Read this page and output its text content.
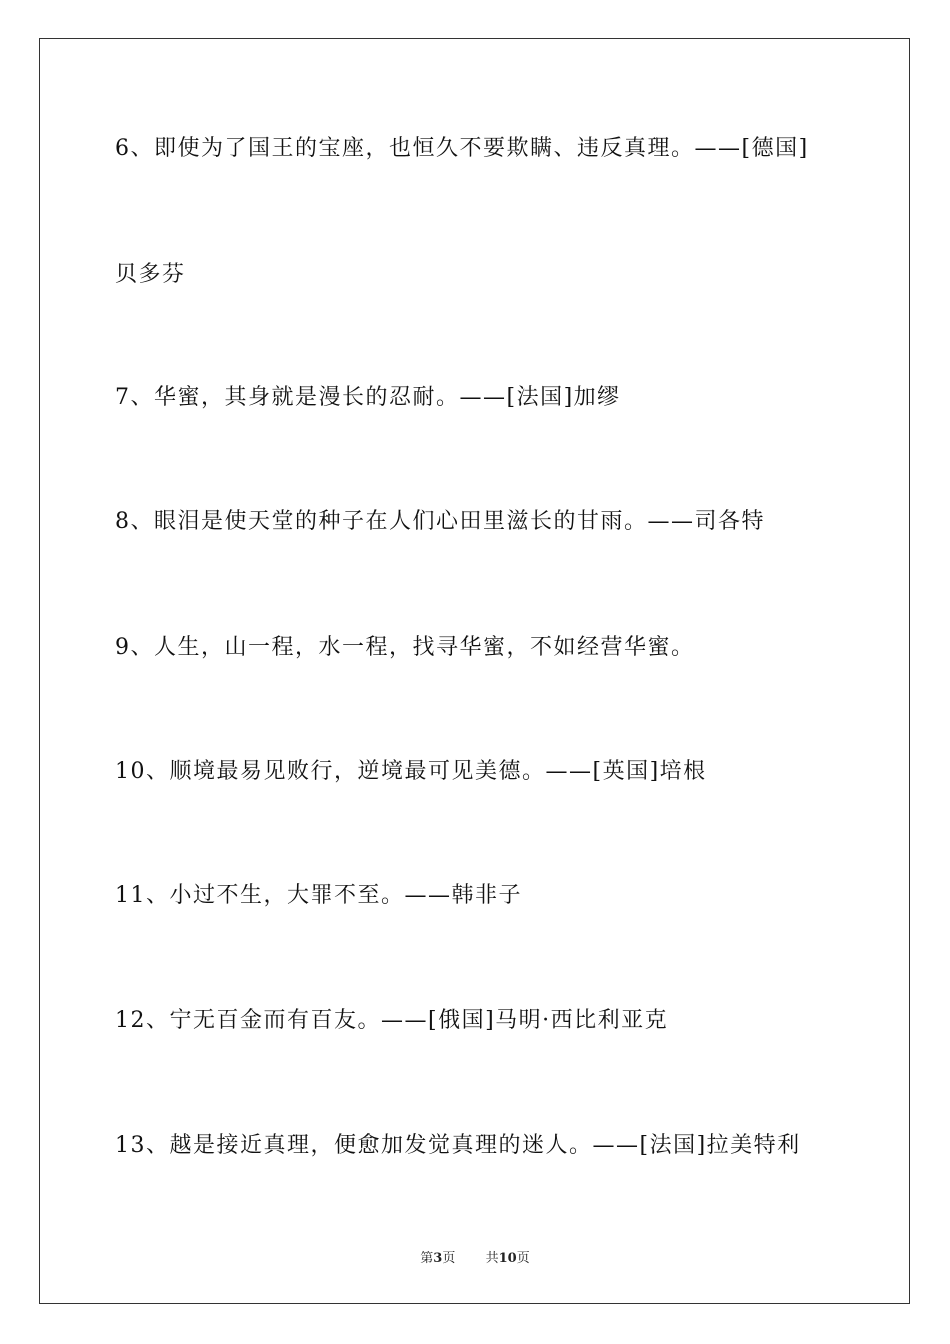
6、即使为了国王的宝座，也恒久不要欺瞒、违反真理。——[德国]
贝多芬
7、华蜜，其身就是漫长的忍耐。——[法国]加缪
8、眼泪是使天堂的种子在人们心田里滋长的甘雨。——司各特
9、人生，山一程，水一程，找寻华蜜，不如经营华蜜。
10、顺境最易见败行，逆境最可见美德。——[英国]培根
11、小过不生，大罪不至。——韩非子
12、宁无百金而有百友。——[俄国]马明·西比利亚克
13、越是接近真理，便愈加发觉真理的迷人。——[法国]拉美特利
第3页 共10页
